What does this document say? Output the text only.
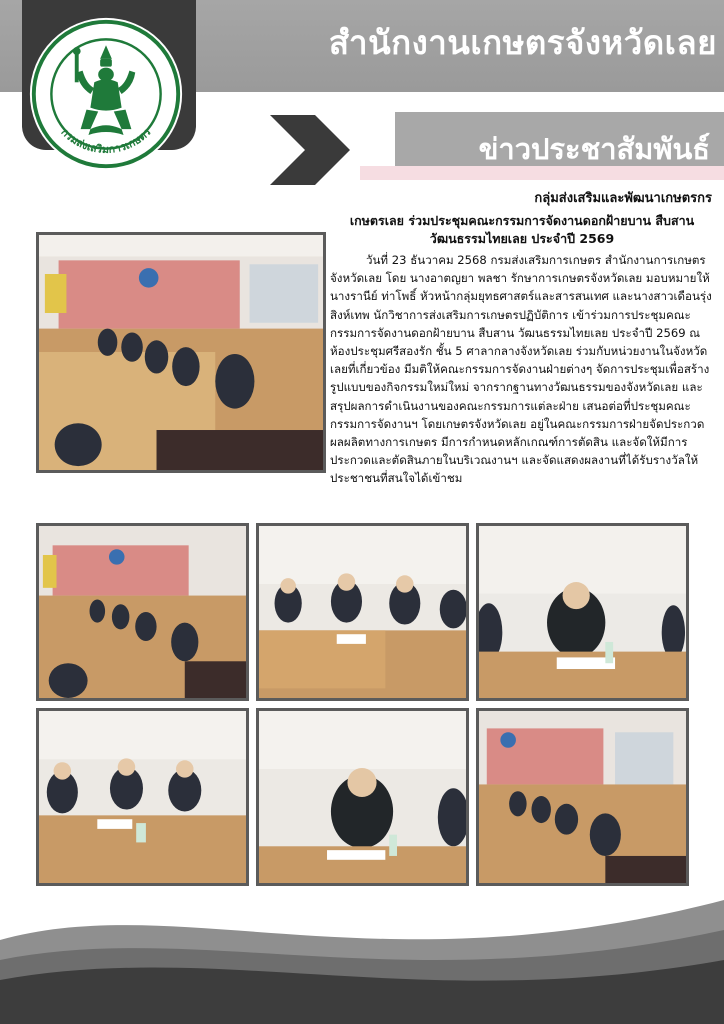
กรมส่งเสริมการเกษตร
สำนักงานเกษตรจังหวัดเลย
ข่าวประชาสัมพันธ์
กลุ่มส่งเสริมและพัฒนาเกษตรกร
เกษตรเลย ร่วมประชุมคณะกรรมการจัดงานดอกฝ้ายบาน สืบสาน
วัฒนธรรมไทยเลย ประจำปี 2569
วันที่ 23 ธันวาคม 2568 กรมส่งเสริมการเกษตร สำนักงานการเกษตรจังหวัดเลย โดย นางอาตญยา พลชา รักษาการเกษตรจังหวัดเลย มอบหมายให้นางรานีย์ ท่าโพธิ์ หัวหน้ากลุ่มยุทธศาสตร์และสารสนเทศ และนางสาวเดือนรุ่ง สิงห์เทพ นักวิชาการส่งเสริมการเกษตรปฏิบัติการ เข้าร่วมการประชุมคณะกรรมการจัดงานดอกฝ้ายบาน สืบสาน วัฒนธรรมไทยเลย ประจำปี 2569 ณ ห้องประชุมศรีสองรัก ชั้น 5 ศาลากลางจังหวัดเลย ร่วมกับหน่วยงานในจังหวัดเลยที่เกี่ยวข้อง มีมติให้คณะกรรมการจัดงานฝ่ายต่างๆ จัดการประชุมเพื่อสร้างรูปแบบของกิจกรรมใหม่ใหม่ จากรากฐานทางวัฒนธรรมของจังหวัดเลย และสรุปผลการดำเนินงานของคณะกรรมการแต่ละฝ่าย เสนอต่อที่ประชุมคณะกรรมการจัดงานฯ โดยเกษตรจังหวัดเลย อยู่ในคณะกรรมการฝ่ายจัดประกวดผลผลิตทางการเกษตร มีการกำหนดหลักเกณฑ์การตัดสิน และจัดให้มีการประกวดและตัดสินภายในบริเวณงานฯ และจัดแสดงผลงานที่ได้รับรางวัลให้ประชาชนที่สนใจได้เข้าชม
